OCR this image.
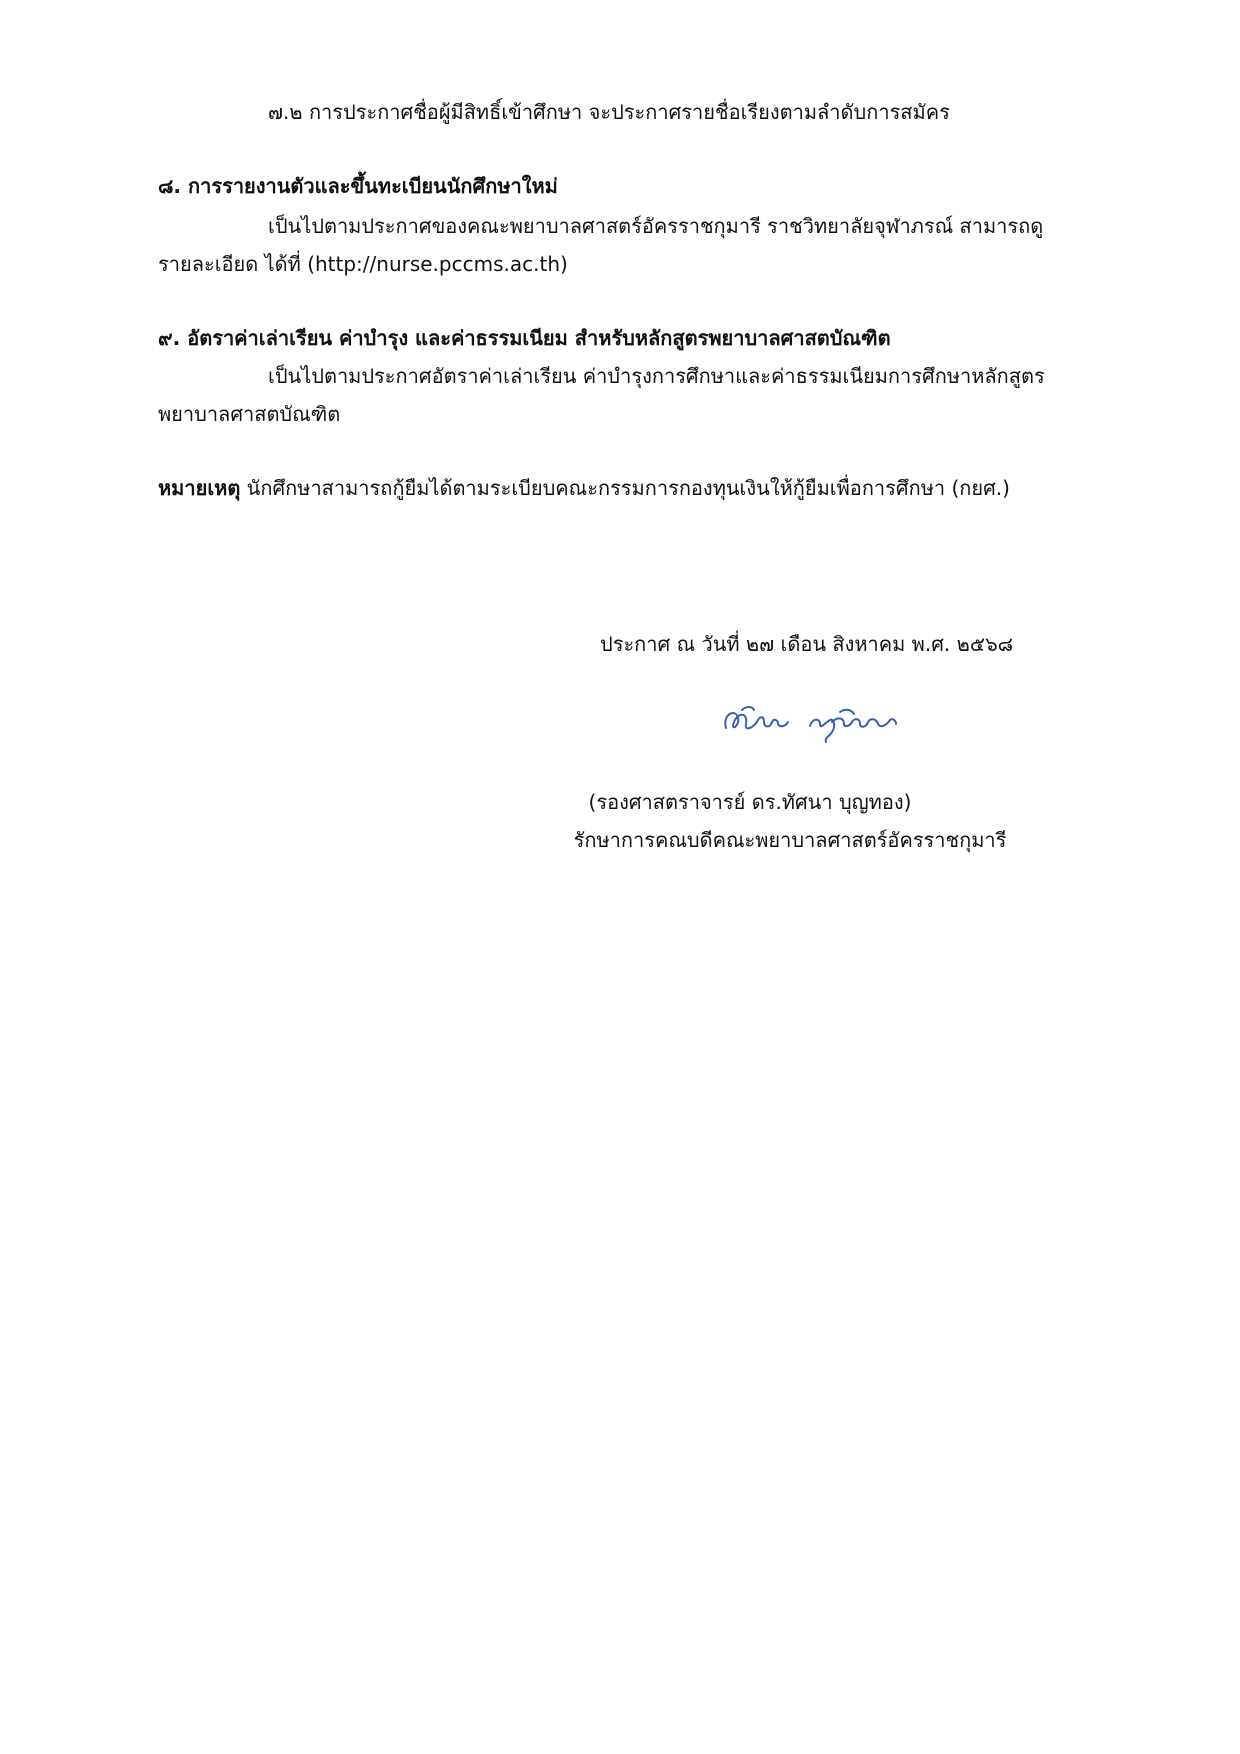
๗.๒ การประกาศชื่อผู้มีสิทธิ์เข้าศึกษา จะประกาศรายชื่อเรียงตามลำดับการสมัคร
๘. การรายงานตัวและขึ้นทะเบียนนักศึกษาใหม่
เป็นไปตามประกาศของคณะพยาบาลศาสตร์อัครราชกุมารี ราชวิทยาลัยจุฬาภรณ์ สามารถดู
รายละเอียด ได้ที่ (http://nurse.pccms.ac.th)
๙. อัตราค่าเล่าเรียน ค่าบำรุง และค่าธรรมเนียม สำหรับหลักสูตรพยาบาลศาสตบัณฑิต
เป็นไปตามประกาศอัตราค่าเล่าเรียน ค่าบำรุงการศึกษาและค่าธรรมเนียมการศึกษาหลักสูตร
พยาบาลศาสตบัณฑิต
หมายเหตุ นักศึกษาสามารถกู้ยืมได้ตามระเบียบคณะกรรมการกองทุนเงินให้กู้ยืมเพื่อการศึกษา (กยศ.)
ประกาศ ณ วันที่ ๒๗ เดือน สิงหาคม พ.ศ. ๒๕๖๘
(รองศาสตราจารย์ ดร.ทัศนา บุญทอง)
รักษาการคณบดีคณะพยาบาลศาสตร์อัครราชกุมารี
